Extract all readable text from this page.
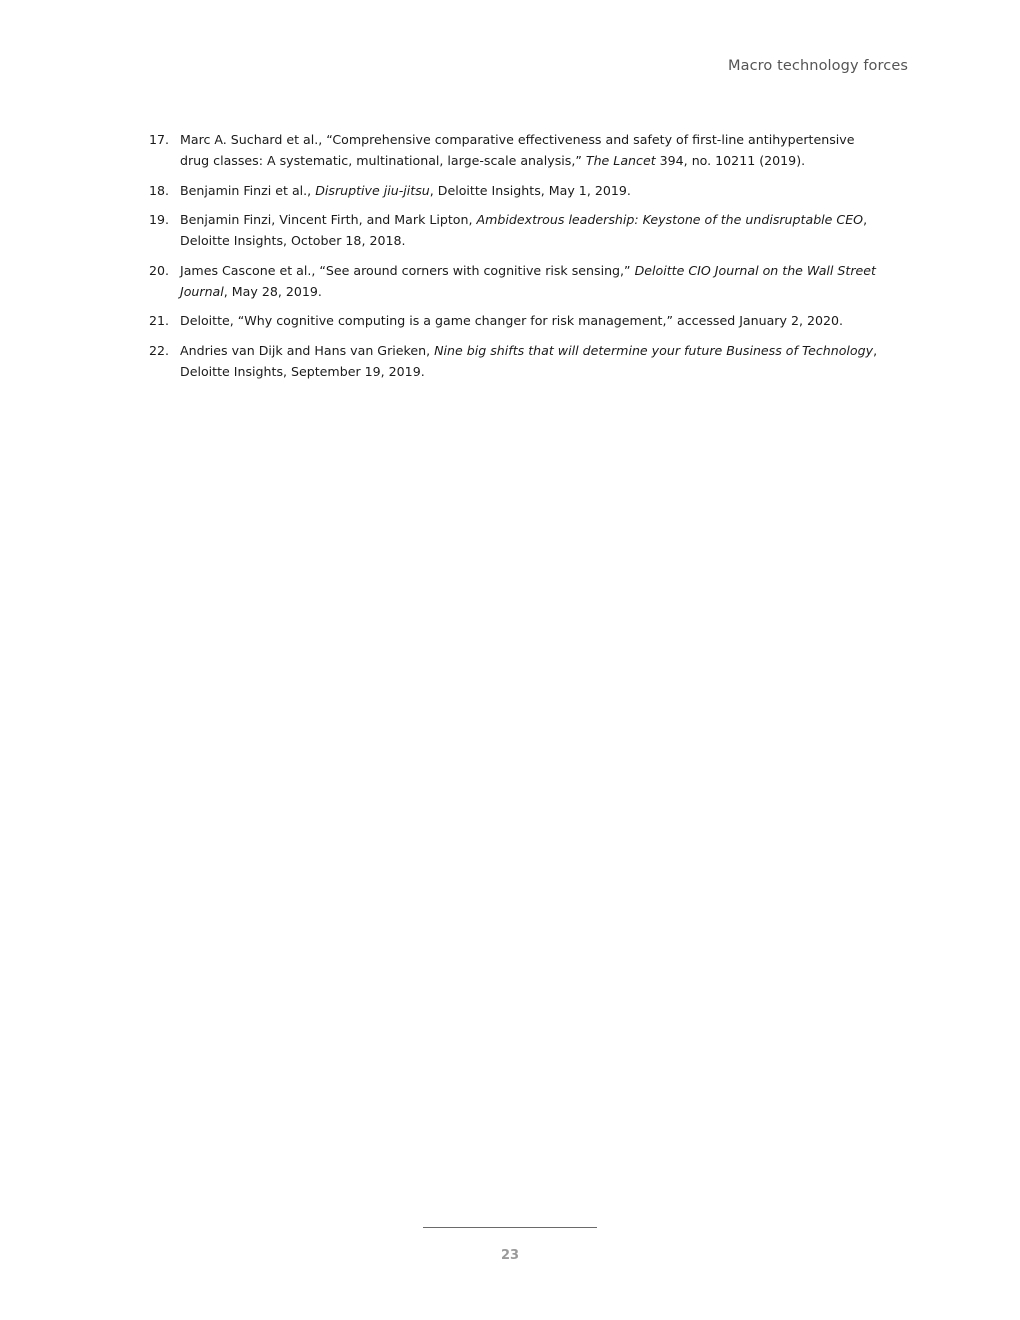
Macro technology forces
17. Marc A. Suchard et al., “Comprehensive comparative effectiveness and safety of first-line antihypertensive drug classes: A systematic, multinational, large-scale analysis,” The Lancet 394, no. 10211 (2019).
18. Benjamin Finzi et al., Disruptive jiu-jitsu, Deloitte Insights, May 1, 2019.
19. Benjamin Finzi, Vincent Firth, and Mark Lipton, Ambidextrous leadership: Keystone of the undisruptable CEO, Deloitte Insights, October 18, 2018.
20. James Cascone et al., “See around corners with cognitive risk sensing,” Deloitte CIO Journal on the Wall Street Journal, May 28, 2019.
21. Deloitte, “Why cognitive computing is a game changer for risk management,” accessed January 2, 2020.
22. Andries van Dijk and Hans van Grieken, Nine big shifts that will determine your future Business of Technology, Deloitte Insights, September 19, 2019.
23
